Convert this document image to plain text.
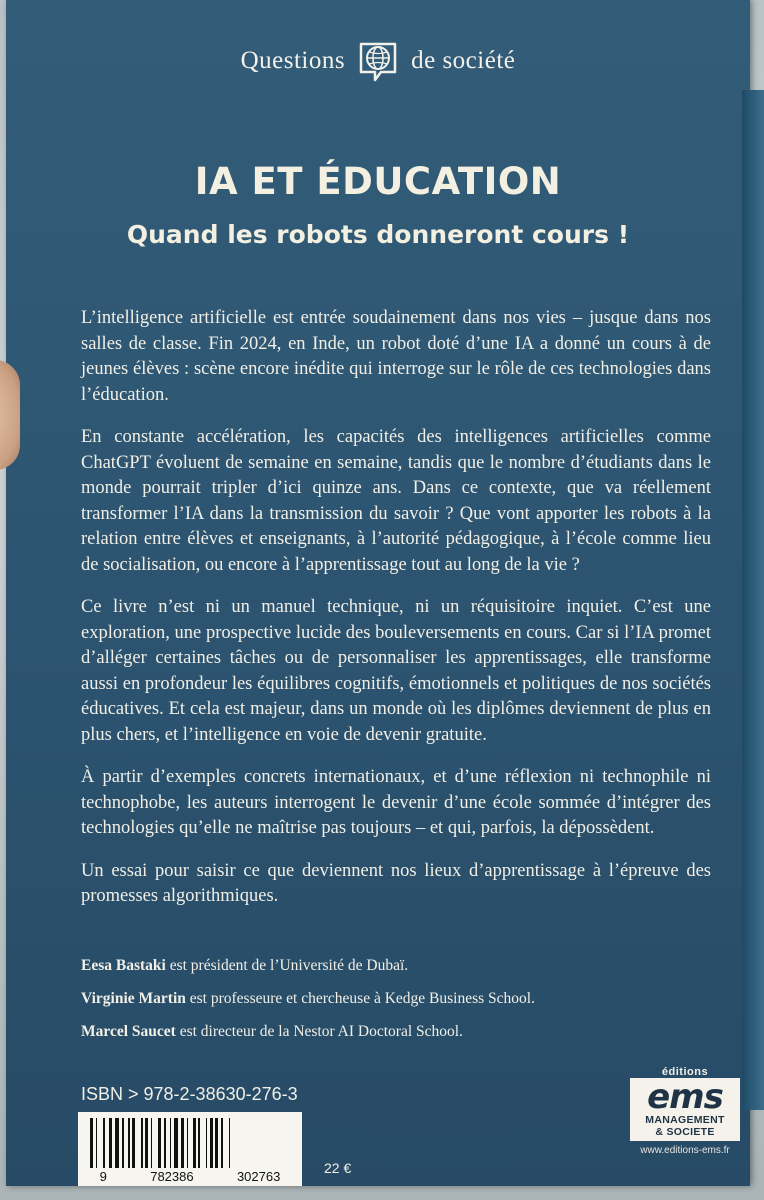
Questions	de société
IA ET ÉDUCATION
Quand les robots donneront cours !

L’intelligence artificielle est entrée soudainement dans nos vies – jusque dans nos salles de classe. Fin 2024, en Inde, un robot doté d’une IA a donné un cours à de jeunes élèves : scène encore inédite qui interroge sur le rôle de ces technologies dans l’éducation.

En constante accélération, les capacités des intelligences artificielles comme ChatGPT évoluent de semaine en semaine, tandis que le nombre d’étudiants dans le monde pourrait tripler d’ici quinze ans. Dans ce contexte, que va réellement transformer l’IA dans la transmission du savoir ? Que vont apporter les robots à la relation entre élèves et enseignants, à l’autorité pédagogique, à l’école comme lieu de socialisation, ou encore à l’apprentissage tout au long de la vie ?

Ce livre n’est ni un manuel technique, ni un réquisitoire inquiet. C’est une exploration, une prospective lucide des bouleversements en cours. Car si l’IA promet d’alléger certaines tâches ou de personnaliser les apprentissages, elle transforme aussi en profondeur les équilibres cognitifs, émotionnels et politiques de nos sociétés éducatives. Et cela est majeur, dans un monde où les diplômes deviennent de plus en plus chers, et l’intelligence en voie de devenir gratuite.

À partir d’exemples concrets internationaux, et d’une réflexion ni technophile ni technophobe, les auteurs interrogent le devenir d’une école sommée d’intégrer des technologies qu’elle ne maîtrise pas toujours – et qui, parfois, la dépossèdent.

Un essai pour saisir ce que deviennent nos lieux d’apprentissage à l’épreuve des promesses algorithmiques.

Eesa Bastaki est président de l’Université de Dubaï.

Virginie Martin est professeure et chercheuse à Kedge Business School.

Marcel Saucet est directeur de la Nestor AI Doctoral School.

ISBN > 978-2-38630-276-3
9	782386	302763
22 €
éditions
ems
MANAGEMENT
& SOCIETE
www.editions-ems.fr
